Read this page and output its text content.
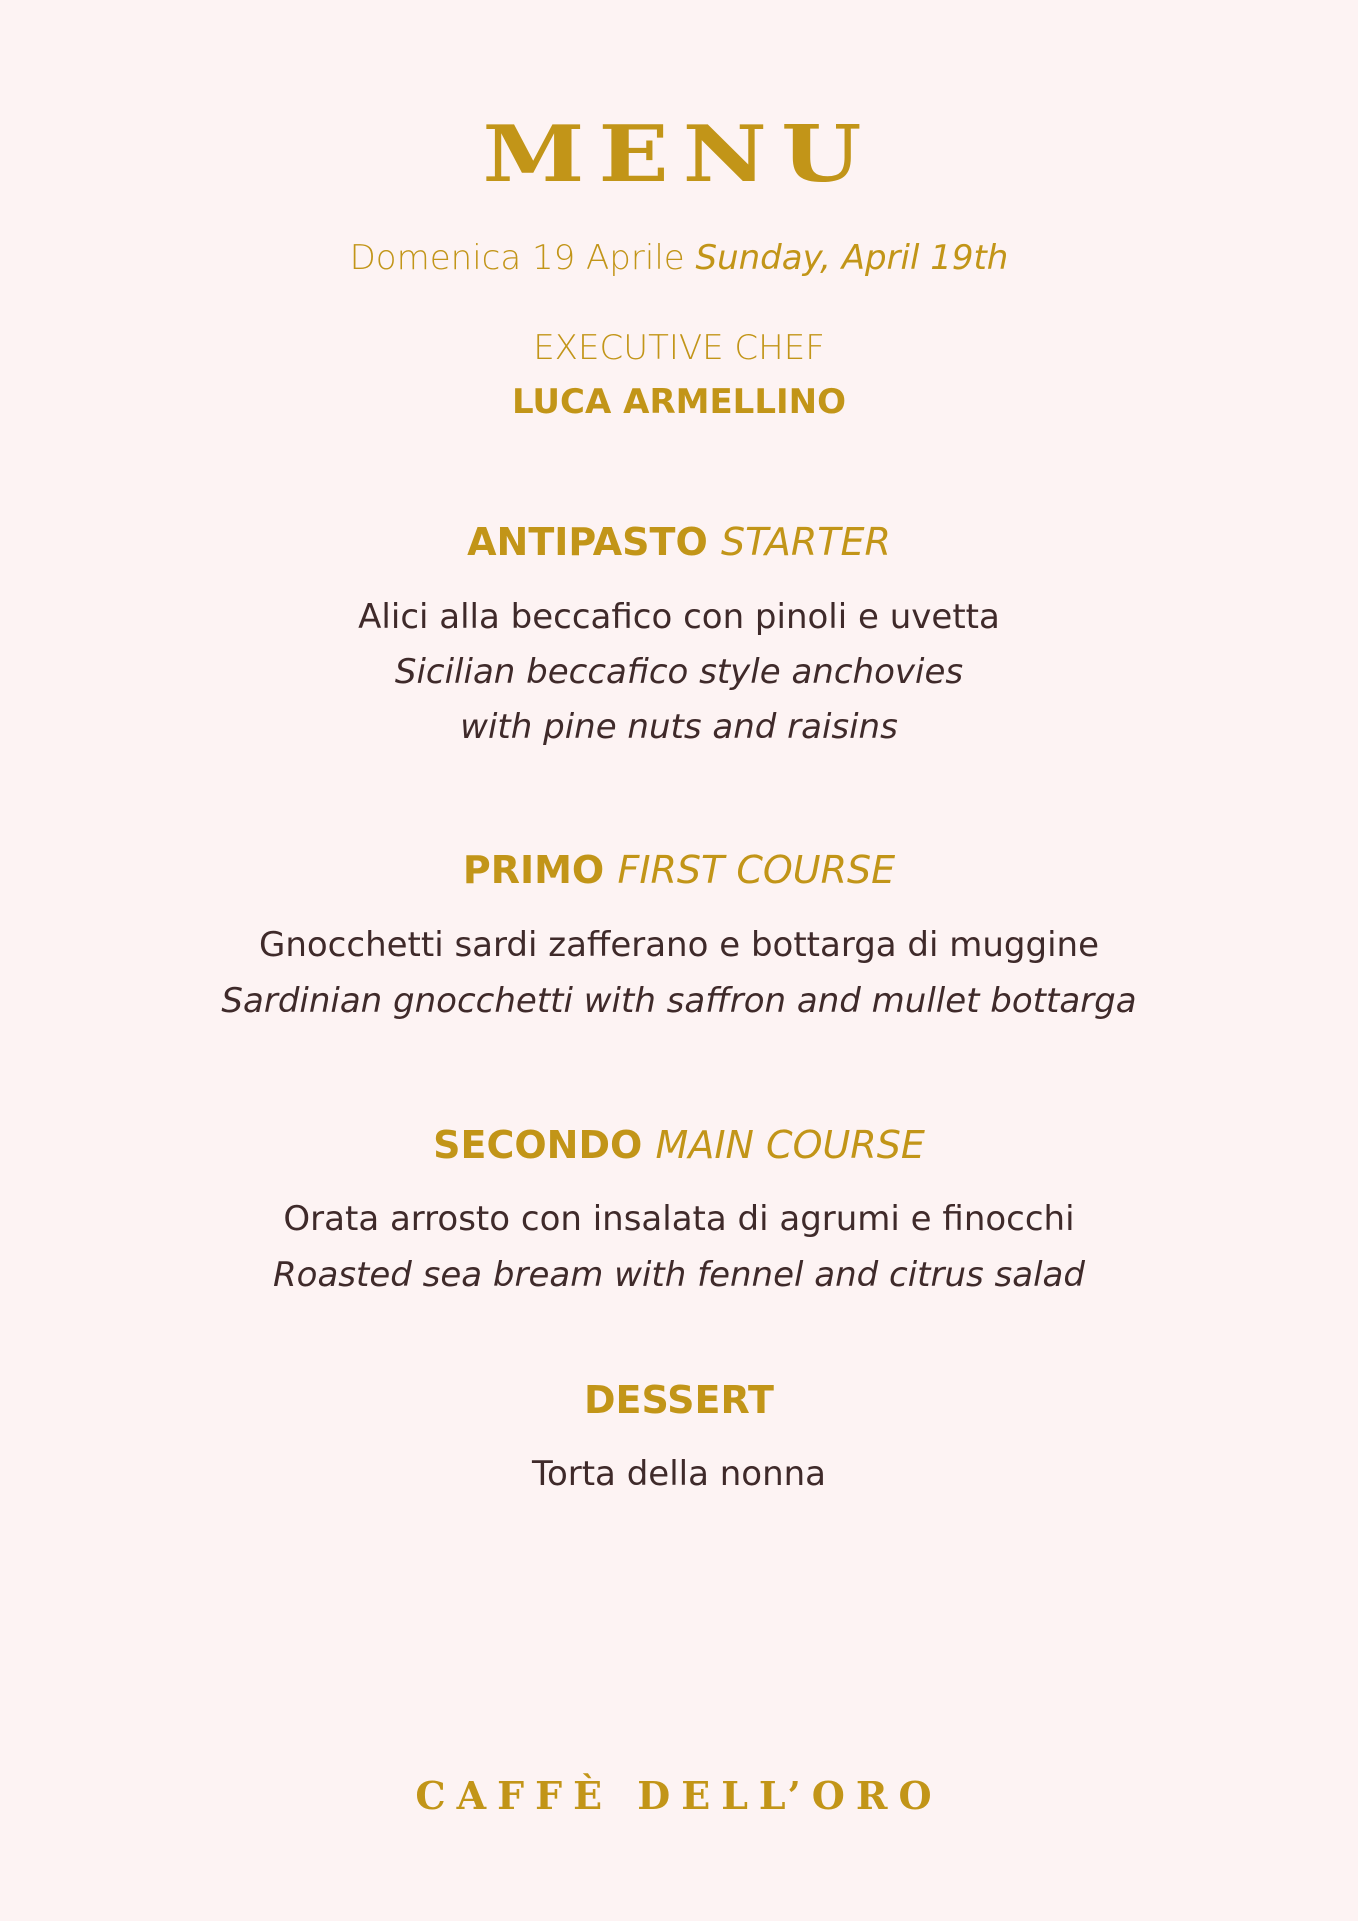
MENU
Domenica 19 Aprile Sunday, April 19th
EXECUTIVE CHEF
LUCA ARMELLINO
ANTIPASTO STARTER
Alici alla beccafico con pinoli e uvetta
Sicilian beccafico style anchovies
with pine nuts and raisins
PRIMO FIRST COURSE
Gnocchetti sardi zafferano e bottarga di muggine
Sardinian gnocchetti with saffron and mullet bottarga
SECONDO MAIN COURSE
Orata arrosto con insalata di agrumi e finocchi
Roasted sea bream with fennel and citrus salad
DESSERT
Torta della nonna
CAFFÈ DELL’ORO
